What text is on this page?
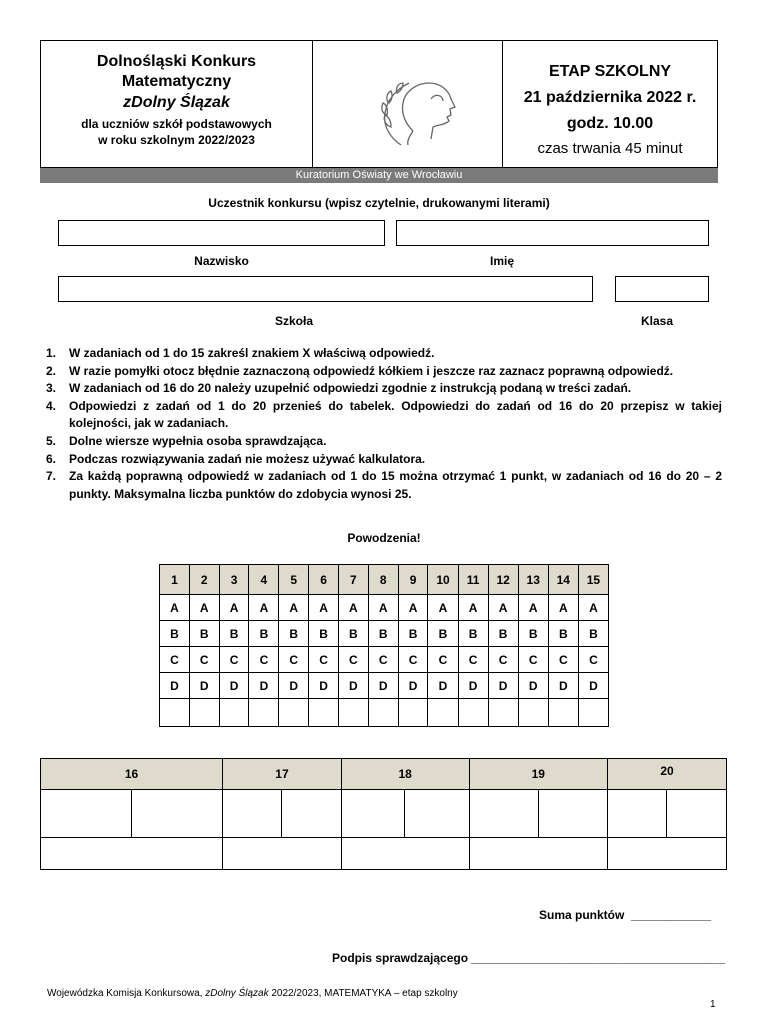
Dolnośląski Konkurs
Matematyczny
zDolny Ślązak
dla uczniów szkół podstawowych
w roku szkolnym 2022/2023
ETAP SZKOLNY
21 października 2022 r.
godz. 10.00
czas trwania 45 minut
Kuratorium Oświaty we Wrocławiu
Uczestnik konkursu (wpisz czytelnie, drukowanymi literami)
Nazwisko	Imię
Szkoła	Klasa
1. W zadaniach od 1 do 15 zakreśl znakiem X właściwą odpowiedź.
2. W razie pomyłki otocz błędnie zaznaczoną odpowiedź kółkiem i jeszcze raz zaznacz poprawną odpowiedź.
3. W zadaniach od 16 do 20 należy uzupełnić odpowiedzi zgodnie z instrukcją podaną w treści zadań.
4. Odpowiedzi z zadań od 1 do 20 przenieś do tabelek. Odpowiedzi do zadań od 16 do 20 przepisz w takiej kolejności, jak w zadaniach.
5. Dolne wiersze wypełnia osoba sprawdzająca.
6. Podczas rozwiązywania zadań nie możesz używać kalkulatora.
7. Za każdą poprawną odpowiedź w zadaniach od 1 do 15 można otrzymać 1 punkt, w zadaniach od 16 do 20 – 2 punkty. Maksymalna liczba punktów do zdobycia wynosi 25.
Powodzenia!
1	2	3	4	5	6	7	8	9	10	11	12	13	14	15
A	A	A	A	A	A	A	A	A	A	A	A	A	A	A
B	B	B	B	B	B	B	B	B	B	B	B	B	B	B
C	C	C	C	C	C	C	C	C	C	C	C	C	C	C
D	D	D	D	D	D	D	D	D	D	D	D	D	D	D

16		17		18		19		20	

Suma punktów ____________
Podpis sprawdzającego ______________________________________
Wojewódzka Komisja Konkursowa, zDolny Ślązak 2022/2023, MATEMATYKA – etap szkolny
1
